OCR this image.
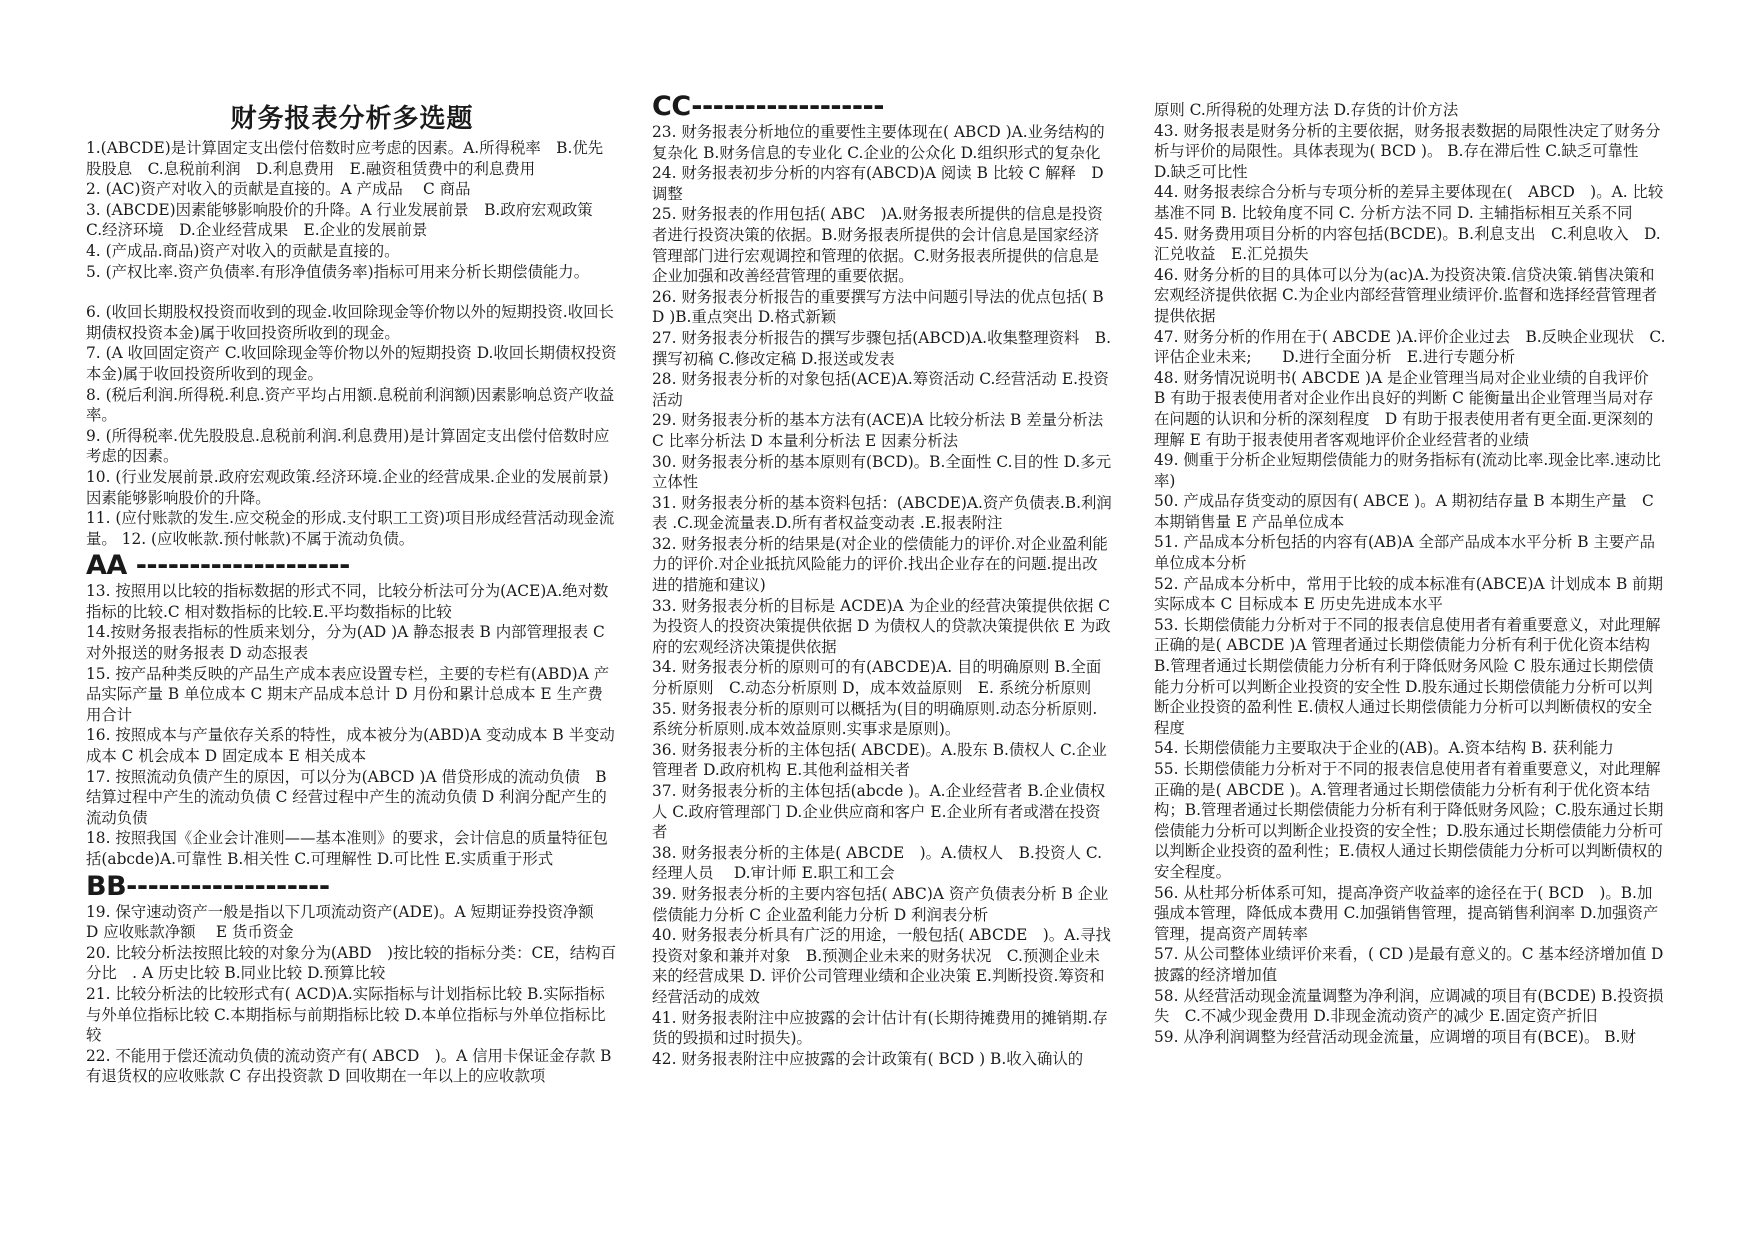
财务报表分析多选题

1.(ABCDE)是计算固定支出偿付倍数时应考虑的因素。A.所得税率　B.优先股股息　C.息税前利润　D.利息费用　E.融资租赁费中的利息费用

2. (AC)资产对收入的贡献是直接的。A 产成品　 C 商品

3. (ABCDE)因素能够影响股价的升降。A 行业发展前景　B.政府宏观政策　C.经济环境　D.企业经营成果　E.企业的发展前景

4. (产成品.商品)资产对收入的贡献是直接的。

5. (产权比率.资产负债率.有形净值债务率)指标可用来分析长期偿债能力。

6. (收回长期股权投资而收到的现金.收回除现金等价物以外的短期投资.收回长期债权投资本金)属于收回投资所收到的现金。

7. (A 收回固定资产 C.收回除现金等价物以外的短期投资 D.收回长期债权投资本金)属于收回投资所收到的现金。

8. (税后利润.所得税.利息.资产平均占用额.息税前利润额)因素影响总资产收益率。

9. (所得税率.优先股股息.息税前利润.利息费用)是计算固定支出偿付倍数时应考虑的因素。

10. (行业发展前景.政府宏观政策.经济环境.企业的经营成果.企业的发展前景)因素能够影响股价的升降。

11. (应付账款的发生.应交税金的形成.支付职工工资)项目形成经营活动现金流量。 12. (应收帐款.预付帐款)不属于流动负债。

AA --------------------

13. 按照用以比较的指标数据的形式不同，比较分析法可分为(ACE)A.绝对数指标的比较.C 相对数指标的比较.E.平均数指标的比较

14.按财务报表指标的性质来划分，分为(AD )A 静态报表 B 内部管理报表 C 对外报送的财务报表 D 动态报表

15. 按产品种类反映的产品生产成本表应设置专栏，主要的专栏有(ABD)A 产品实际产量 B 单位成本 C 期末产品成本总计 D 月份和累计总成本 E 生产费用合计

16. 按照成本与产量依存关系的特性，成本被分为(ABD)A 变动成本 B 半变动成本 C 机会成本 D 固定成本 E 相关成本

17. 按照流动负债产生的原因，可以分为(ABCD )A 借贷形成的流动负债　B 结算过程中产生的流动负债 C 经营过程中产生的流动负债 D 利润分配产生的流动负债

18. 按照我国《企业会计准则——基本准则》的要求，会计信息的质量特征包括(abcde)A.可靠性 B.相关性 C.可理解性 D.可比性 E.实质重于形式

BB-------------------

19. 保守速动资产一般是指以下几项流动资产(ADE)。A 短期证券投资净额　 D 应收账款净额　 E 货币资金

20. 比较分析法按照比较的对象分为(ABD　)按比较的指标分类：CE，结构百分比　. A 历史比较 B.同业比较 D.预算比较

21. 比较分析法的比较形式有( ACD)A.实际指标与计划指标比较 B.实际指标与外单位指标比较 C.本期指标与前期指标比较 D.本单位指标与外单位指标比较

22. 不能用于偿还流动负债的流动资产有( ABCD　)。A 信用卡保证金存款 B 有退货权的应收账款 C 存出投资款 D 回收期在一年以上的应收款项

CC------------------

23. 财务报表分析地位的重要性主要体现在( ABCD )A.业务结构的复杂化 B.财务信息的专业化 C.企业的公众化 D.组织形式的复杂化

24. 财务报表初步分析的内容有(ABCD)A 阅读 B 比较 C 解释　D 调整

25. 财务报表的作用包括( ABC　)A.财务报表所提供的信息是投资者进行投资决策的依据。B.财务报表所提供的会计信息是国家经济管理部门进行宏观调控和管理的依据。C.财务报表所提供的信息是企业加强和改善经营管理的重要依据。

26. 财务报表分析报告的重要撰写方法中问题引导法的优点包括( BD )B.重点突出 D.格式新颖

27. 财务报表分析报告的撰写步骤包括(ABCD)A.收集整理资料　B.撰写初稿 C.修改定稿 D.报送或发表

28. 财务报表分析的对象包括(ACE)A.筹资活动 C.经营活动 E.投资活动

29. 财务报表分析的基本方法有(ACE)A 比较分析法 B 差量分析法 C 比率分析法 D 本量利分析法 E 因素分析法

30. 财务报表分析的基本原则有(BCD)。B.全面性 C.目的性 D.多元立体性

31. 财务报表分析的基本资料包括：(ABCDE)A.资产负债表.B.利润表 .C.现金流量表.D.所有者权益变动表 .E.报表附注

32. 财务报表分析的结果是(对企业的偿债能力的评价.对企业盈利能力的评价.对企业抵抗风险能力的评价.找出企业存在的问题.提出改进的措施和建议)

33. 财务报表分析的目标是 ACDE)A 为企业的经营决策提供依据 C 为投资人的投资决策提供依据 D 为债权人的贷款决策提供依 E 为政府的宏观经济决策提供依据

34. 财务报表分析的原则可的有(ABCDE)A. 目的明确原则 B.全面分析原则　C.动态分析原则 D，成本效益原则　E. 系统分析原则

35. 财务报表分析的原则可以概括为(目的明确原则.动态分析原则.系统分析原则.成本效益原则.实事求是原则)。

36. 财务报表分析的主体包括( ABCDE)。A.股东 B.债权人 C.企业管理者 D.政府机构 E.其他利益相关者

37. 财务报表分析的主体包括(abcde )。A.企业经营者 B.企业债权人 C.政府管理部门 D.企业供应商和客户 E.企业所有者或潜在投资者

38. 财务报表分析的主体是( ABCDE　)。A.债权人　B.投资人 C.经理人员　 D.审计师 E.职工和工会

39. 财务报表分析的主要内容包括( ABC)A 资产负债表分析 B 企业偿债能力分析 C 企业盈利能力分析 D 利润表分析

40. 财务报表分析具有广泛的用途，一般包括( ABCDE　)。A.寻找投资对象和兼并对象　B.预测企业未来的财务状况　C.预测企业未来的经营成果 D. 评价公司管理业绩和企业决策 E.判断投资.筹资和经营活动的成效

41. 财务报表附注中应披露的会计估计有(长期待摊费用的摊销期.存货的毁损和过时损失)。

42. 财务报表附注中应披露的会计政策有( BCD ) B.收入确认的

原则 C.所得税的处理方法 D.存货的计价方法

43. 财务报表是财务分析的主要依据，财务报表数据的局限性决定了财务分析与评价的局限性。具体表现为( BCD )。 B.存在滞后性 C.缺乏可靠性　D.缺乏可比性

44. 财务报表综合分析与专项分析的差异主要体现在(　ABCD　)。A. 比较基准不同 B. 比较角度不同 C. 分析方法不同 D. 主辅指标相互关系不同

45. 财务费用项目分析的内容包括(BCDE)。B.利息支出　C.利息收入　D.汇兑收益　E.汇兑损失

46. 财务分析的目的具体可以分为(ac)A.为投资决策.信贷决策.销售决策和宏观经济提供依据 C.为企业内部经营管理业绩评价.监督和选择经营管理者提供依据

47. 财务分析的作用在于( ABCDE )A.评价企业过去　B.反映企业现状　C.评估企业未来;　　D.进行全面分析　E.进行专题分析

48. 财务情况说明书( ABCDE )A 是企业管理当局对企业业绩的自我评价　　B 有助于报表使用者对企业作出良好的判断 C 能衡量出企业管理当局对存在问题的认识和分析的深刻程度　D 有助于报表使用者有更全面.更深刻的理解 E 有助于报表使用者客观地评价企业经营者的业绩

49. 侧重于分析企业短期偿债能力的财务指标有(流动比率.现金比率.速动比率)

50. 产成品存货变动的原因有( ABCE )。A 期初结存量 B 本期生产量　C 本期销售量 E 产品单位成本

51. 产品成本分析包括的内容有(AB)A 全部产品成本水平分析 B 主要产品单位成本分析

52. 产品成本分析中，常用于比较的成本标准有(ABCE)A 计划成本 B 前期实际成本 C 目标成本 E 历史先进成本水平

53. 长期偿债能力分析对于不同的报表信息使用者有着重要意义，对此理解正确的是( ABCDE )A 管理者通过长期偿债能力分析有利于优化资本结构 B.管理者通过长期偿债能力分析有利于降低财务风险 C 股东通过长期偿债能力分析可以判断企业投资的安全性 D.股东通过长期偿债能力分析可以判断企业投资的盈利性 E.债权人通过长期偿债能力分析可以判断债权的安全程度

54. 长期偿债能力主要取决于企业的(AB)。A.资本结构 B. 获利能力

55. 长期偿债能力分析对于不同的报表信息使用者有着重要意义，对此理解正确的是( ABCDE )。A.管理者通过长期偿债能力分析有利于优化资本结构；B.管理者通过长期偿债能力分析有利于降低财务风险；C.股东通过长期偿债能力分析可以判断企业投资的安全性；D.股东通过长期偿债能力分析可以判断企业投资的盈利性；E.债权人通过长期偿债能力分析可以判断债权的安全程度。

56. 从杜邦分析体系可知，提高净资产收益率的途径在于( BCD　)。B.加强成本管理，降低成本费用 C.加强销售管理，提高销售利润率 D.加强资产管理，提高资产周转率

57. 从公司整体业绩评价来看，( CD )是最有意义的。C 基本经济增加值 D 披露的经济增加值

58. 从经营活动现金流量调整为净利润，应调减的项目有(BCDE) B.投资损失　C.不减少现金费用 D.非现金流动资产的减少 E.固定资产折旧

59. 从净利润调整为经营活动现金流量，应调增的项目有(BCE)。 B.财
